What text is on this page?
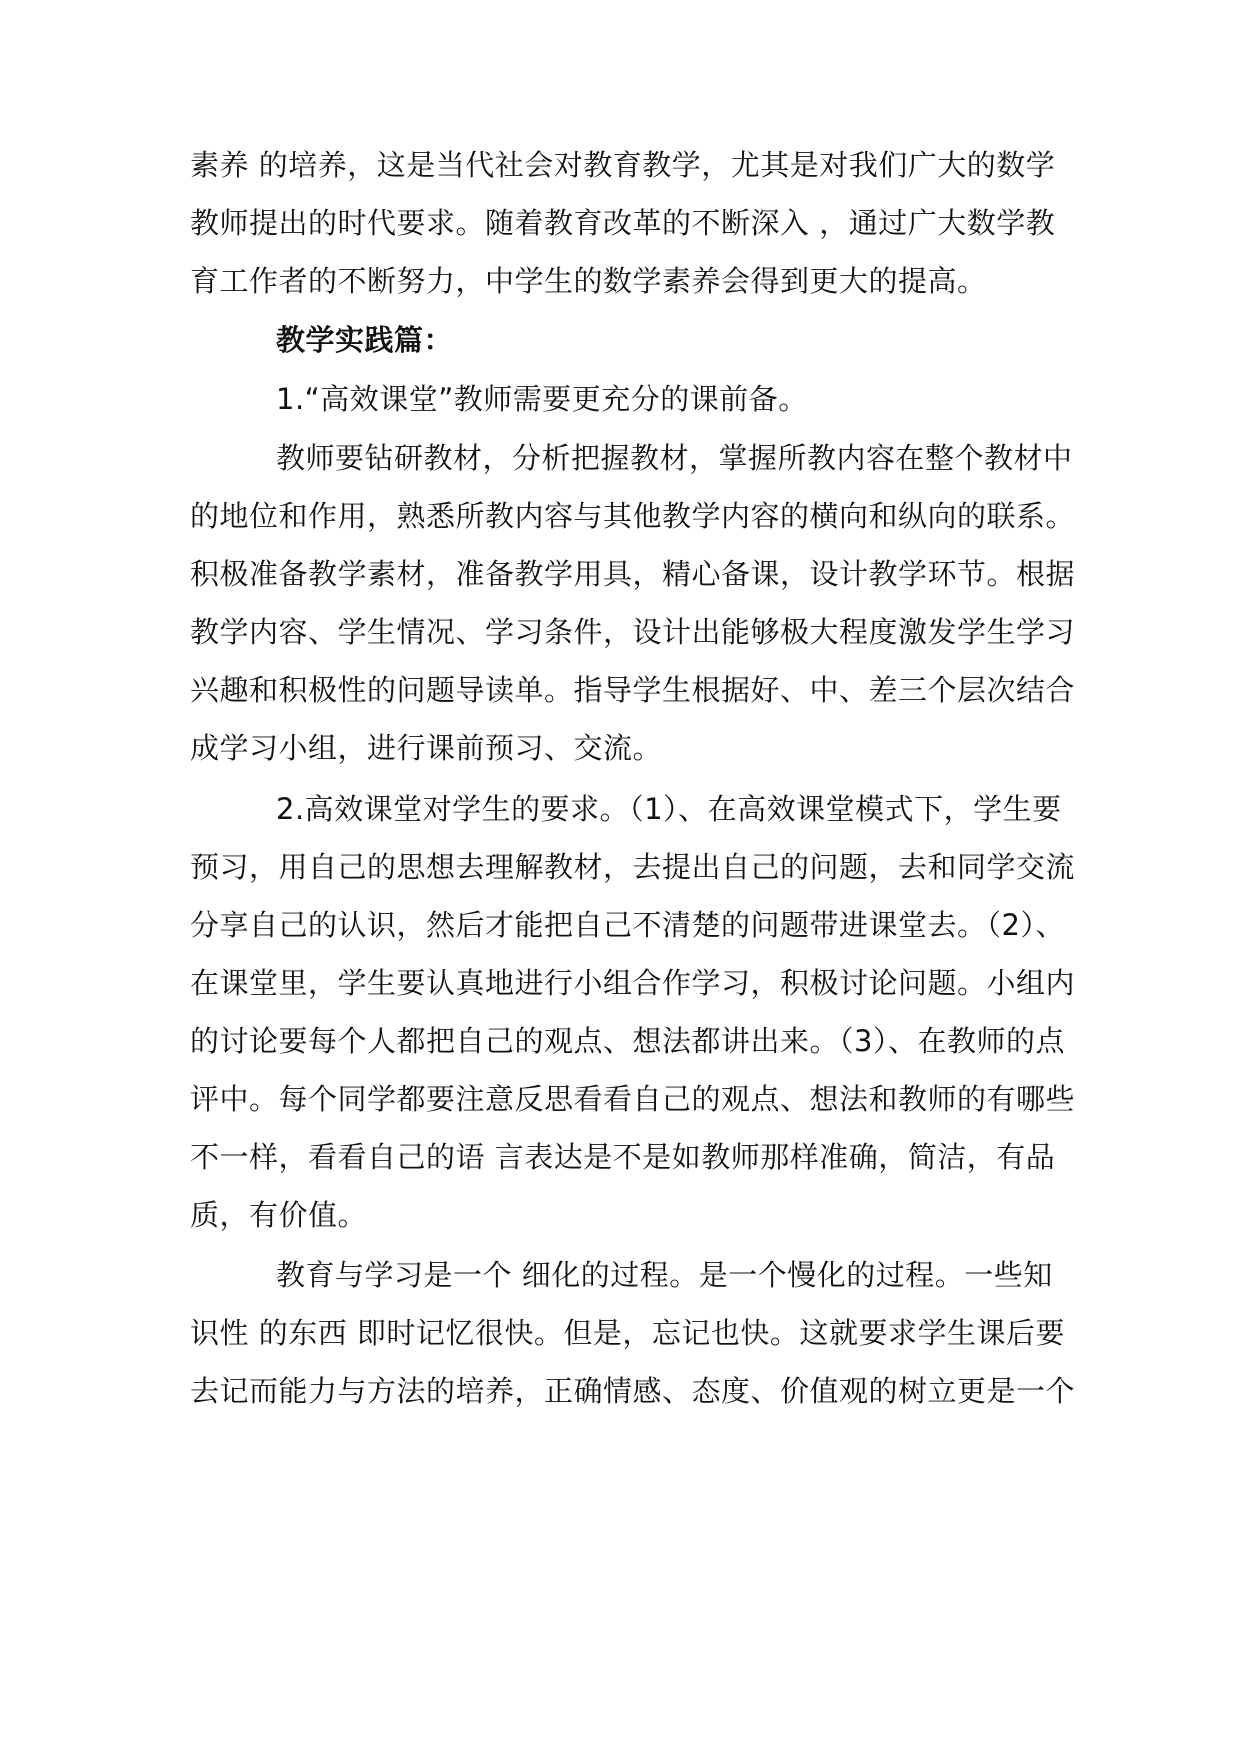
素养 的培养，这是当代社会对教育教学，尤其是对我们广大的数学
教师提出的时代要求。随着教育改革的不断深入 ，通过广大数学教
育工作者的不断努力，中学生的数学素养会得到更大的提高。
教学实践篇：
1.“高效课堂”教师需要更充分的课前备。
教师要钻研教材，分析把握教材，掌握所教内容在整个教材中
的地位和作用，熟悉所教内容与其他教学内容的横向和纵向的联系。
积极准备教学素材，准备教学用具，精心备课，设计教学环节。根据
教学内容、学生情况、学习条件，设计出能够极大程度激发学生学习
兴趣和积极性的问题导读单。指导学生根据好、中、差三个层次结合
成学习小组，进行课前预习、交流。
2.高效课堂对学生的要求。（1）、在高效课堂模式下，学生要
预习，用自己的思想去理解教材，去提出自己的问题，去和同学交流
分享自己的认识，然后才能把自己不清楚的问题带进课堂去。（2）、
在课堂里，学生要认真地进行小组合作学习，积极讨论问题。小组内
的讨论要每个人都把自己的观点、想法都讲出来。（3）、在教师的点
评中。每个同学都要注意反思看看自己的观点、想法和教师的有哪些
不一样，看看自己的语 言表达是不是如教师那样准确，简洁，有品
质，有价值。
教育与学习是一个 细化的过程。是一个慢化的过程。一些知
识性 的东西 即时记忆很快。但是，忘记也快。这就要求学生课后要
去记而能力与方法的培养，正确情感、态度、价值观的树立更是一个
